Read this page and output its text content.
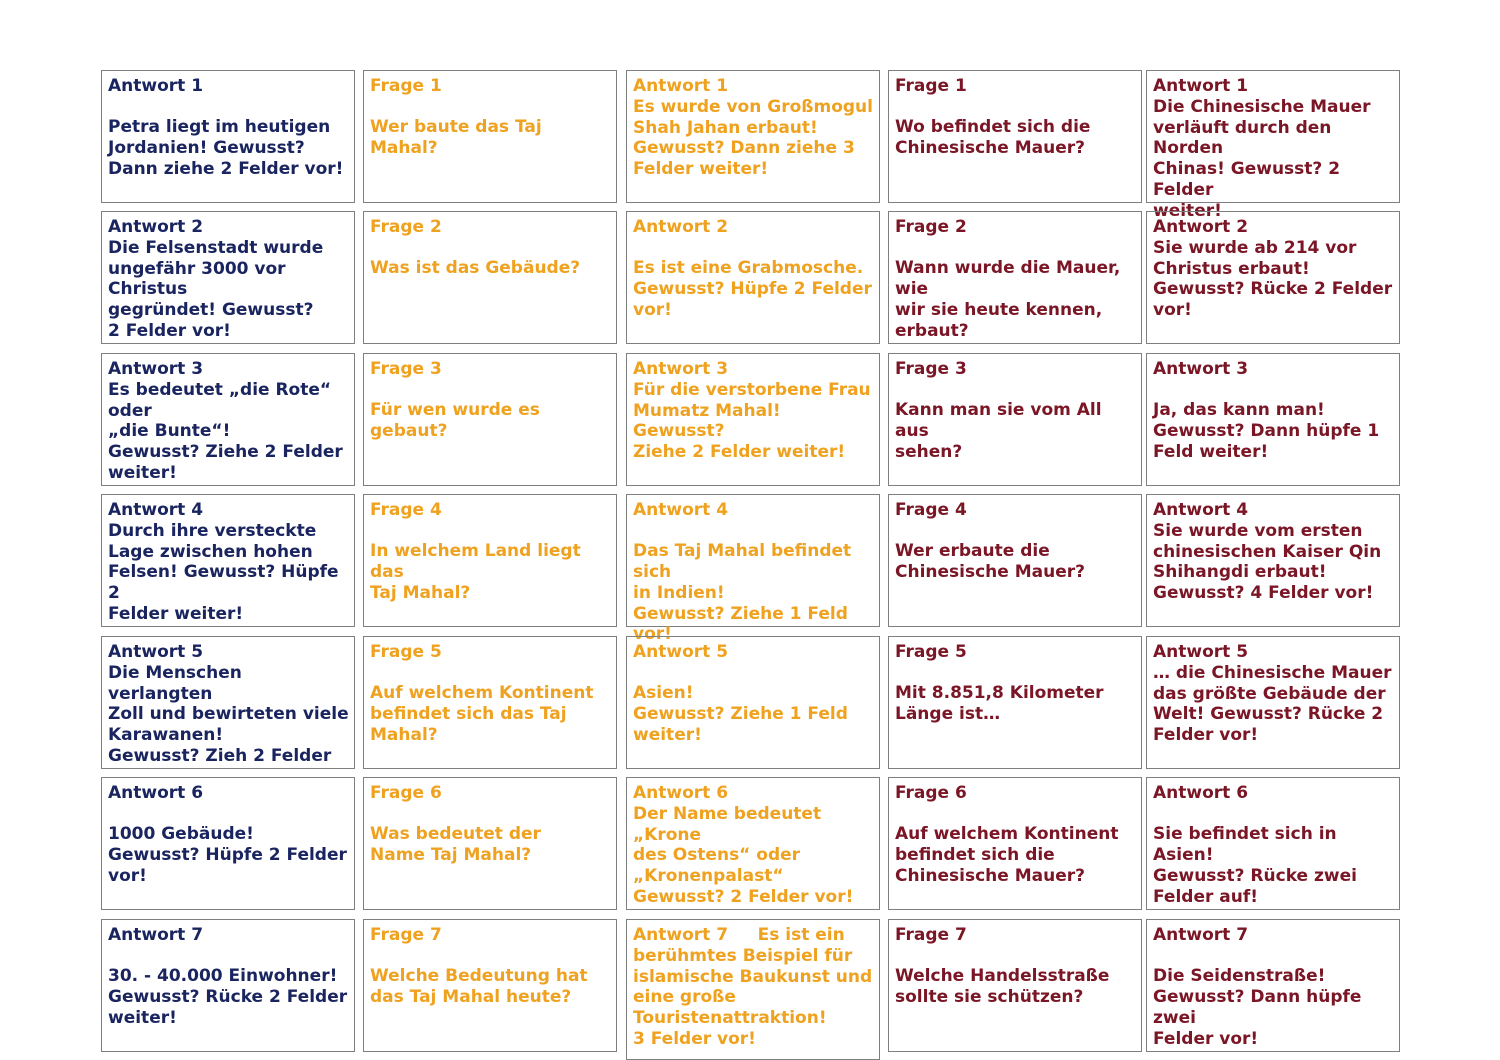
Antwort 1
Petra liegt im heutigen
Jordanien! Gewusst?
Dann ziehe 2 Felder vor!
Antwort 2
Die Felsenstadt wurde
ungefähr 3000 vor Christus
gegründet! Gewusst?
2 Felder vor!
Antwort 3
Es bedeutet „die Rote“ oder
„die Bunte“!
Gewusst? Ziehe 2 Felder
weiter!
Antwort 4
Durch ihre versteckte
Lage zwischen hohen
Felsen! Gewusst? Hüpfe 2
Felder weiter!
Antwort 5
Die Menschen verlangten
Zoll und bewirteten viele
Karawanen!
Gewusst? Zieh 2 Felder
Antwort 6
1000 Gebäude!
Gewusst? Hüpfe 2 Felder
vor!
Antwort 7
30. - 40.000 Einwohner!
Gewusst? Rücke 2 Felder
weiter!
Frage 1
Wer baute das Taj Mahal?
Frage 2
Was ist das Gebäude?
Frage 3
Für wen wurde es gebaut?
Frage 4
In welchem Land liegt das
Taj Mahal?
Frage 5
Auf welchem Kontinent
befindet sich das Taj
Mahal?
Frage 6
Was bedeutet der
Name Taj Mahal?
Frage 7
Welche Bedeutung hat
das Taj Mahal heute?
Antwort 1
Es wurde von Großmogul
Shah Jahan erbaut!
Gewusst? Dann ziehe 3
Felder weiter!
Antwort 2
Es ist eine Grabmosche.
Gewusst? Hüpfe 2 Felder
vor!
Antwort 3
Für die verstorbene Frau
Mumatz Mahal!
Gewusst?
Ziehe 2 Felder weiter!
Antwort 4
Das Taj Mahal befindet sich
in Indien!
Gewusst? Ziehe 1 Feld vor!
Antwort 5
Asien!
Gewusst? Ziehe 1 Feld
weiter!
Antwort 6
Der Name bedeutet „Krone
des Ostens“ oder
„Kronenpalast“
Gewusst? 2 Felder vor!
Antwort 7     Es ist ein
berühmtes Beispiel für
islamische Baukunst und
eine große
Touristenattraktion!
3 Felder vor!
Frage 1
Wo befindet sich die
Chinesische Mauer?
Frage 2
Wann wurde die Mauer, wie
wir sie heute kennen,
erbaut?
Frage 3
Kann man sie vom All aus
sehen?
Frage 4
Wer erbaute die
Chinesische Mauer?
Frage 5
Mit 8.851,8 Kilometer
Länge ist…
Frage 6
Auf welchem Kontinent
befindet sich die
Chinesische Mauer?
Frage 7
Welche Handelsstraße
sollte sie schützen?
Antwort 1
Die Chinesische Mauer
verläuft durch den Norden
Chinas! Gewusst? 2 Felder
weiter!
Antwort 2
Sie wurde ab 214 vor
Christus erbaut!
Gewusst? Rücke 2 Felder
vor!
Antwort 3
Ja, das kann man!
Gewusst? Dann hüpfe 1
Feld weiter!
Antwort 4
Sie wurde vom ersten
chinesischen Kaiser Qin
Shihangdi erbaut!
Gewusst? 4 Felder vor!
Antwort 5
… die Chinesische Mauer
das größte Gebäude der
Welt! Gewusst? Rücke 2
Felder vor!
Antwort 6
Sie befindet sich in Asien!
Gewusst? Rücke zwei
Felder auf!
Antwort 7
Die Seidenstraße!
Gewusst? Dann hüpfe zwei
Felder vor!
